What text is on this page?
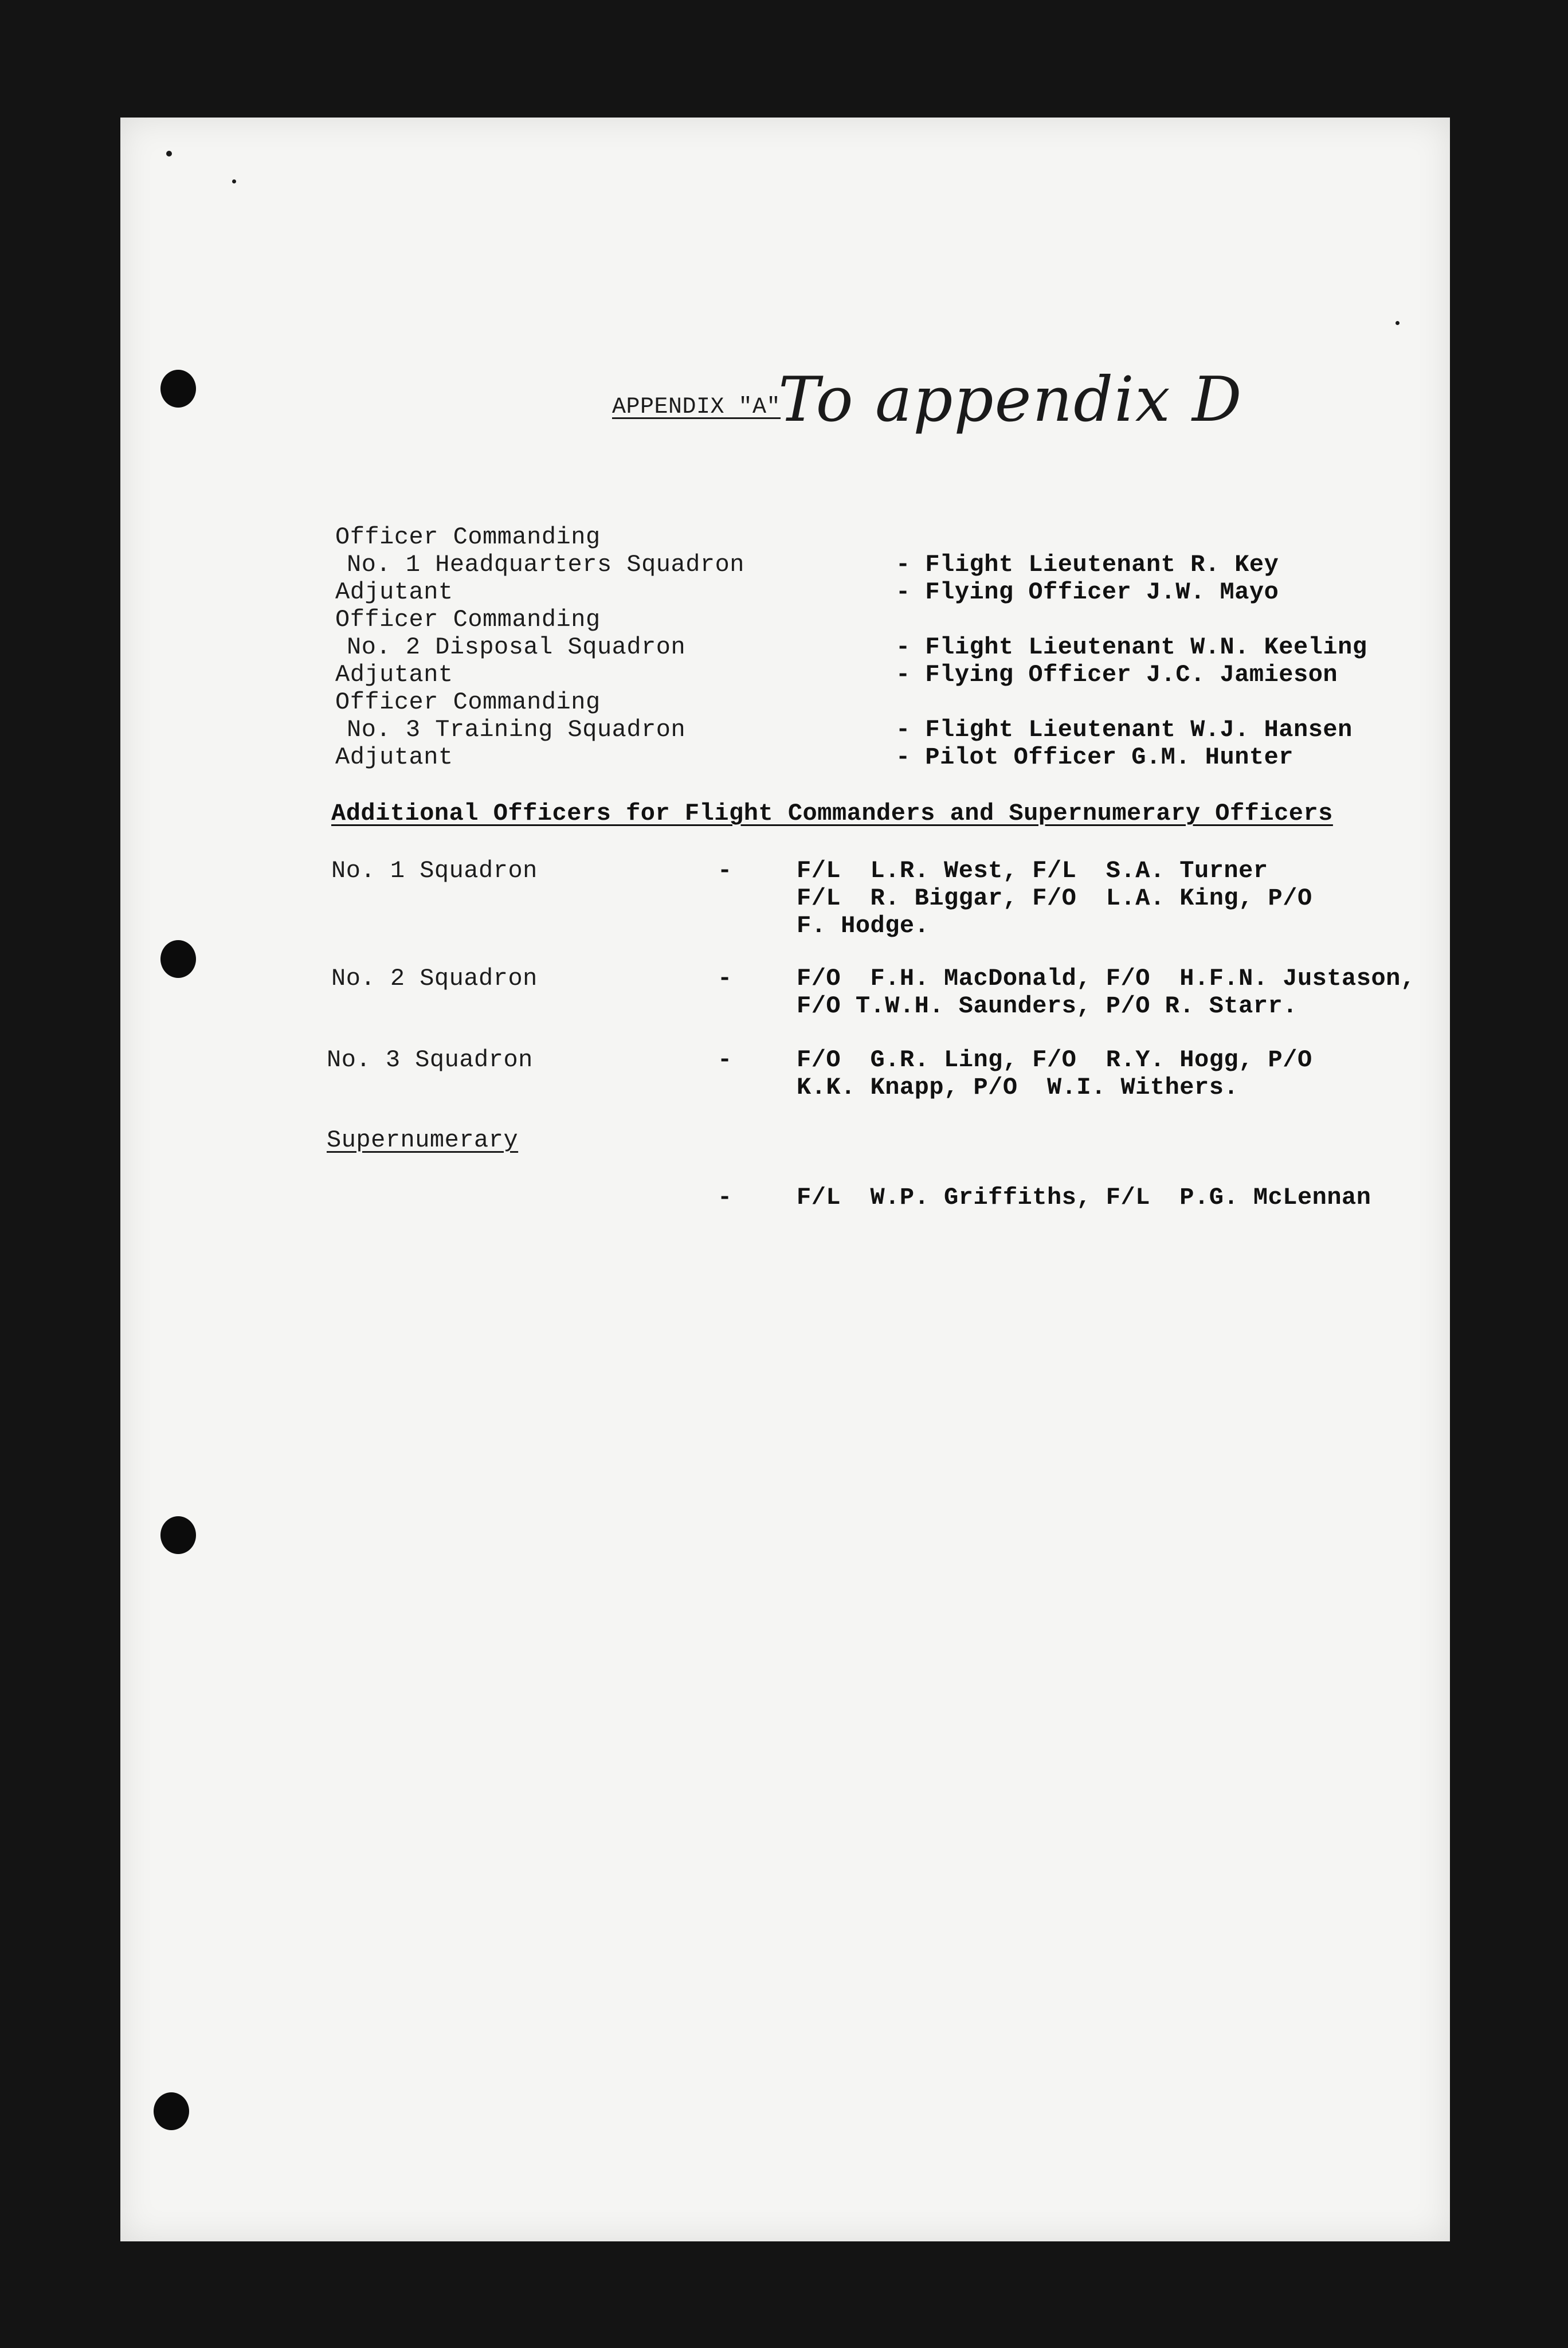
APPENDIX "A"
To appendix D
Officer Commanding
No. 1 Headquarters Squadron	- Flight Lieutenant R. Key
Adjutant	- Flying Officer J.W. Mayo
Officer Commanding
No. 2 Disposal Squadron	- Flight Lieutenant W.N. Keeling
Adjutant	- Flying Officer J.C. Jamieson
Officer Commanding
No. 3 Training Squadron	- Flight Lieutenant W.J. Hansen
Adjutant	- Pilot Officer G.M. Hunter
Additional Officers for Flight Commanders and Supernumerary Officers
No. 1 Squadron	-	F/L  L.R. West, F/L  S.A. Turner
F/L  R. Biggar, F/O  L.A. King, P/O
F. Hodge.
No. 2 Squadron	-	F/O  F.H. MacDonald, F/O  H.F.N. Justason,
F/O T.W.H. Saunders, P/O R. Starr.
No. 3 Squadron	-	F/O  G.R. Ling, F/O  R.Y. Hogg, P/O
K.K. Knapp, P/O  W.I. Withers.
Supernumerary
-	F/L  W.P. Griffiths, F/L  P.G. McLennan
